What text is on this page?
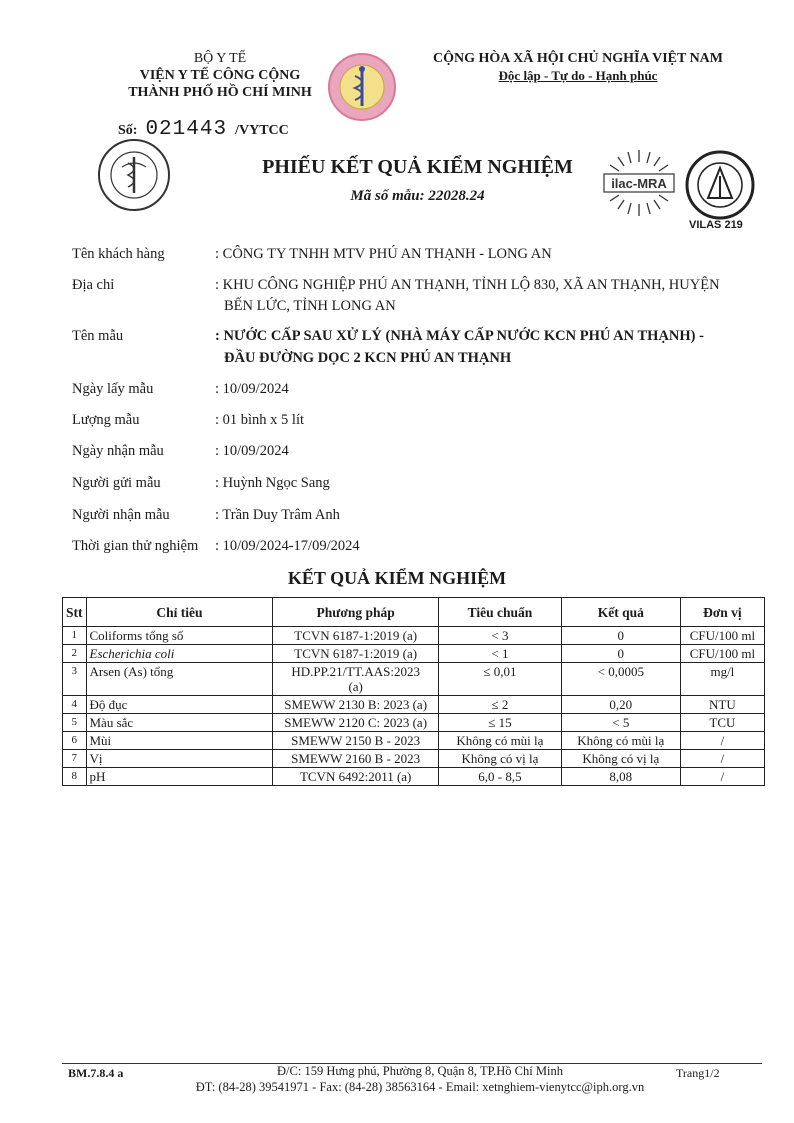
BỘ Y TẾ
VIỆN Y TẾ CÔNG CỘNG
THÀNH PHỐ HỒ CHÍ MINH
CỘNG HÒA XÃ HỘI CHỦ NGHĨA VIỆT NAM
Độc lập - Tự do - Hạnh phúc
Số: 021443 /VYTCC
PHIẾU KẾT QUẢ KIỂM NGHIỆM
Mã số mẫu: 22028.24
ilac-MRA
VILAS 219
Tên khách hàng	: CÔNG TY TNHH MTV PHÚ AN THẠNH - LONG AN
Địa chỉ	: KHU CÔNG NGHIỆP PHÚ AN THẠNH, TỈNH LỘ 830, XÃ AN THẠNH, HUYỆN
BẾN LỨC, TỈNH LONG AN
Tên mẫu	: NƯỚC CẤP SAU XỬ LÝ (NHÀ MÁY CẤP NƯỚC KCN PHÚ AN THẠNH) -
ĐẦU ĐƯỜNG DỌC 2 KCN PHÚ AN THẠNH
Ngày lấy mẫu	: 10/09/2024
Lượng mẫu	: 01 bình x 5 lít
Ngày nhận mẫu	: 10/09/2024
Người gửi mẫu	: Huỳnh Ngọc Sang
Người nhận mẫu	: Trần Duy Trâm Anh
Thời gian thử nghiệm	: 10/09/2024-17/09/2024
KẾT QUẢ KIỂM NGHIỆM
Stt	Chỉ tiêu	Phương pháp	Tiêu chuẩn	Kết quả	Đơn vị
1	Coliforms tổng số	TCVN 6187-1:2019 (a)	< 3	0	CFU/100 ml
2	Escherichia coli	TCVN 6187-1:2019 (a)	< 1	0	CFU/100 ml
3	Arsen (As) tổng	HD.PP.21/TT.AAS:2023 (a)	≤ 0,01	< 0,0005	mg/l
4	Độ đục	SMEWW 2130 B: 2023 (a)	≤ 2	0,20	NTU
5	Màu sắc	SMEWW 2120 C: 2023 (a)	≤ 15	< 5	TCU
6	Mùi	SMEWW 2150 B - 2023	Không có mùi lạ	Không có mùi lạ	/
7	Vị	SMEWW 2160 B - 2023	Không có vị lạ	Không có vị lạ	/
8	pH	TCVN 6492:2011 (a)	6,0 - 8,5	8,08	/
BM.7.8.4 a	Đ/C: 159 Hưng phú, Phường 8, Quận 8, TP.Hồ Chí Minh
ĐT: (84-28) 39541971 - Fax: (84-28) 38563164 - Email: xetnghiem-vienytcc@iph.org.vn
Trang1/2
